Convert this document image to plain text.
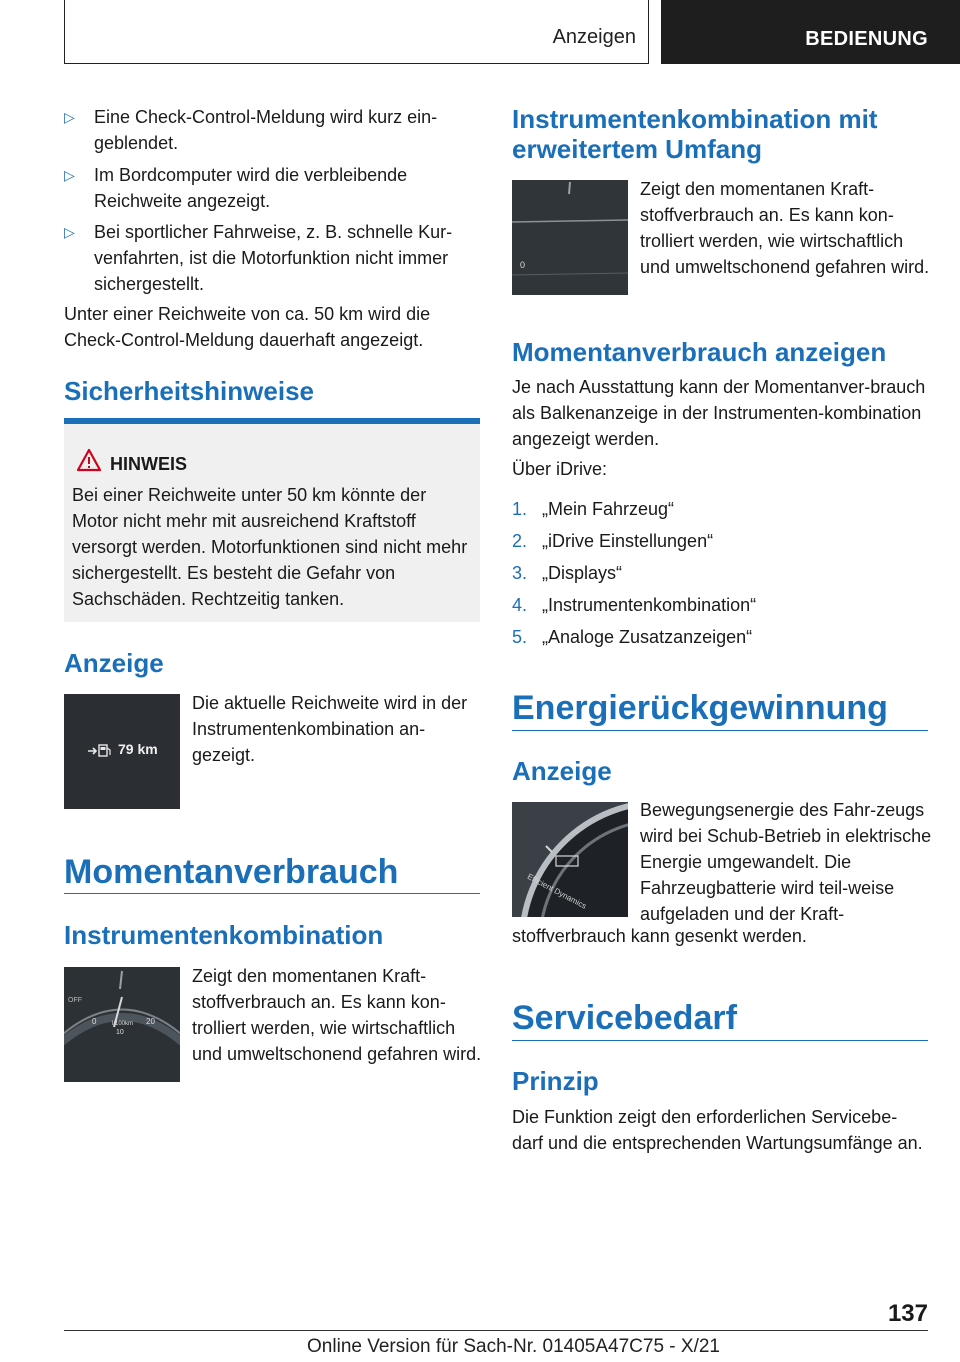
Anzeigen	BEDIENUNG
▷ Eine Check-Control-Meldung wird kurz ein-geblendet.
▷ Im Bordcomputer wird die verbleibende Reichweite angezeigt.
▷ Bei sportlicher Fahrweise, z. B. schnelle Kur-venfahrten, ist die Motorfunktion nicht immer sichergestellt.

Unter einer Reichweite von ca. 50 km wird die Check-Control-Meldung dauerhaft angezeigt.

Sicherheitshinweise
HINWEIS
Bei einer Reichweite unter 50 km könnte der Motor nicht mehr mit ausreichend Kraftstoff versorgt werden. Motorfunktionen sind nicht mehr sichergestellt. Es besteht die Gefahr von Sachschäden. Rechtzeitig tanken.
Anzeige
79 km

Die aktuelle Reichweite wird in der Instrumentenkombination an-gezeigt.

Momentanverbrauch
Instrumentenkombination
OFF
0	l/100km
10
20

Zeigt den momentanen Kraft-stoffverbrauch an. Es kann kon-trolliert werden, wie wirtschaftlich und umweltschonend gefahren wird.

Instrumentenkombination mit erweitertem Umfang
0

Zeigt den momentanen Kraft-stoffverbrauch an. Es kann kon-trolliert werden, wie wirtschaftlich und umweltschonend gefahren wird.

Momentanverbrauch anzeigen

Je nach Ausstattung kann der Momentanver-brauch als Balkenanzeige in der Instrumenten-kombination angezeigt werden.

Über iDrive:

1. „Mein Fahrzeug“
2. „iDrive Einstellungen“
3. „Displays“
4. „Instrumentenkombination“
5. „Analoge Zusatzanzeigen“
Energierückgewinnung
Anzeige
Efficient Dynamics

Bewegungsenergie des Fahr-zeugs wird bei Schub-Betrieb in elektrische Energie umgewandelt. Die Fahrzeugbatterie wird teil-weise aufgeladen und der Kraft-

stoffverbrauch kann gesenkt werden.

Servicebedarf
Prinzip

Die Funktion zeigt den erforderlichen Servicebe-darf und die entsprechenden Wartungsumfänge an.

137
Online Version für Sach-Nr. 01405A47C75 - X/21
